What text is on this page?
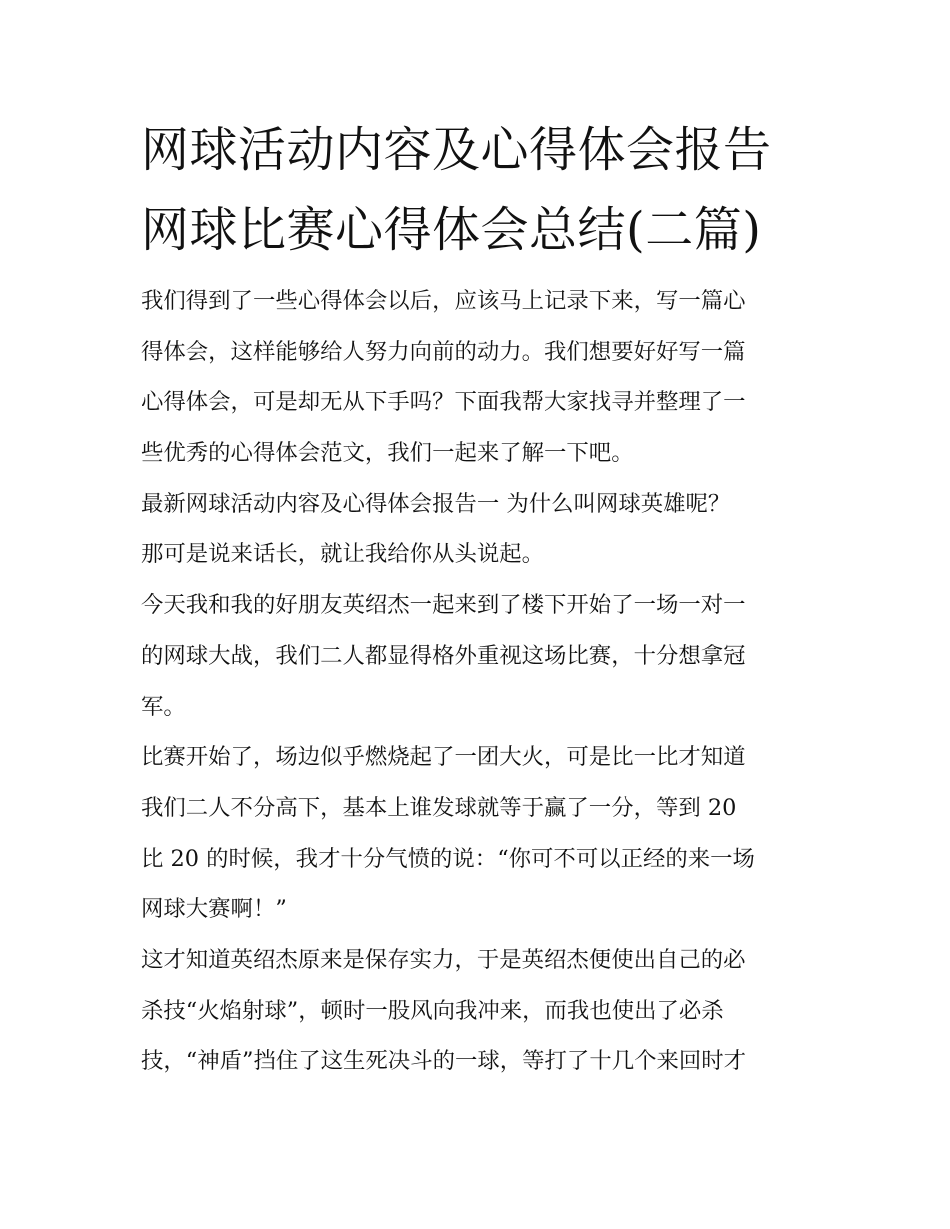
网球活动内容及心得体会报告
网球比赛心得体会总结(二篇)
我们得到了一些心得体会以后，应该马上记录下来，写一篇心
得体会，这样能够给人努力向前的动力。我们想要好好写一篇
心得体会，可是却无从下手吗？下面我帮大家找寻并整理了一
些优秀的心得体会范文，我们一起来了解一下吧。
最新网球活动内容及心得体会报告一 为什么叫网球英雄呢？
那可是说来话长，就让我给你从头说起。
今天我和我的好朋友英绍杰一起来到了楼下开始了一场一对一
的网球大战，我们二人都显得格外重视这场比赛，十分想拿冠
军。
比赛开始了，场边似乎燃烧起了一团大火，可是比一比才知道
我们二人不分高下，基本上谁发球就等于赢了一分，等到 20
比 20 的时候，我才十分气愤的说：“你可不可以正经的来一场
网球大赛啊！”
这才知道英绍杰原来是保存实力，于是英绍杰便使出自己的必
杀技“火焰射球”，顿时一股风向我冲来，而我也使出了必杀
技，“神盾”挡住了这生死决斗的一球，等打了十几个来回时才
